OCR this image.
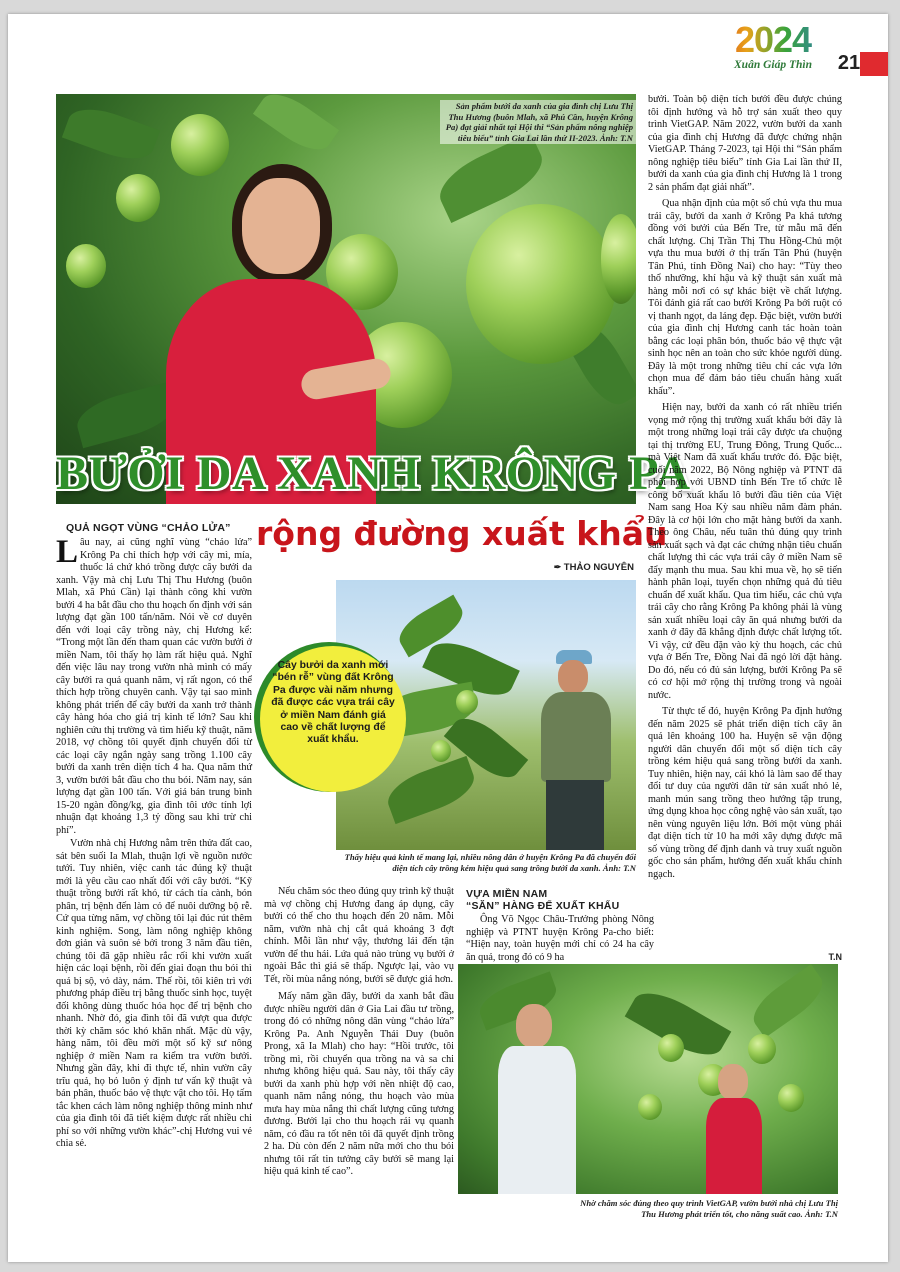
2024
Xuân Giáp Thìn	21
Sản phẩm bưởi da xanh của gia đình chị Lưu Thị Thu Hương (buôn Mlah, xã Phú Cần, huyện Krông Pa) đạt giải nhất tại Hội thi “Sản phẩm nông nghiệp tiêu biểu” tỉnh Gia Lai lần thứ II-2023. Ảnh: T.N
BƯỞI DA XANH KRÔNG PA
rộng đường xuất khẩu
✒ THẢO NGUYÊN
QUẢ NGỌT VÙNG “CHẢO LỬA”

Lâu nay, ai cũng nghĩ vùng “chảo lửa” Krông Pa chỉ thích hợp với cây mì, mía, thuốc lá chứ khó trồng được cây bưởi da xanh. Vậy mà chị Lưu Thị Thu Hương (buôn Mlah, xã Phú Cần) lại thành công khi vườn bưởi 4 ha bắt đầu cho thu hoạch ổn định với sản lượng đạt gần 100 tấn/năm. Nói về cơ duyên đến với loại cây trồng này, chị Hương kể: “Trong một lần đến tham quan các vườn bưởi ở miền Nam, tôi thấy họ làm rất hiệu quả. Nghĩ đến việc lâu nay trong vườn nhà mình có mấy cây bưởi ra quả quanh năm, vị rất ngon, có thể thích hợp trồng chuyên canh. Vậy tại sao mình không phát triển để cây bưởi da xanh trở thành cây hàng hóa cho giá trị kinh tế lớn? Sau khi nghiên cứu thị trường và tìm hiểu kỹ thuật, năm 2018, vợ chồng tôi quyết định chuyển đổi từ các loại cây ngắn ngày sang trồng 1.100 cây bưởi da xanh trên diện tích 4 ha. Qua năm thứ 3, vườn bưởi bắt đầu cho thu bói. Năm nay, sản lượng đạt gần 100 tấn. Với giá bán trung bình 15-20 ngàn đồng/kg, gia đình tôi ước tính lợi nhuận đạt khoảng 1,3 tỷ đồng sau khi trừ chi phí”.

Vườn nhà chị Hương nằm trên thửa đất cao, sát bên suối Ia Mlah, thuận lợi về nguồn nước tưới. Tuy nhiên, việc canh tác đúng kỹ thuật mới là yêu cầu cao nhất đối với cây bưởi. “Kỹ thuật trồng bưởi rất khó, từ cách tỉa cành, bón phân, trị bệnh đến làm cỏ để nuôi dưỡng bộ rễ. Cứ qua từng năm, vợ chồng tôi lại đúc rút thêm kinh nghiệm. Song, làm nông nghiệp không đơn giản và suôn sẻ bởi trong 3 năm đầu tiên, chúng tôi đã gặp nhiều rắc rối khi vườn xuất hiện các loại bệnh, rồi đến giai đoạn thu bói thì quả bị sộ, vỏ dày, nám. Thế rồi, tôi kiên trì với phương pháp điều trị bằng thuốc sinh học, tuyệt đối không dùng thuốc hóa học để trị bệnh cho nhanh. Nhờ đó, gia đình tôi đã vượt qua được thời kỳ chăm sóc khó khăn nhất. Mặc dù vậy, hàng năm, tôi đều mời một số kỹ sư nông nghiệp ở miền Nam ra kiểm tra vườn bưởi. Nhưng gần đây, khi đi thực tế, nhìn vườn cây trĩu quả, họ bỏ luôn ý định tư vấn kỹ thuật và bán phân, thuốc bảo vệ thực vật cho tôi. Họ tấm tắc khen cách làm nông nghiệp thông minh như của gia đình tôi đã tiết kiệm được rất nhiều chi phí so với những vườn khác”-chị Hương vui vẻ chia sẻ.

Thấy hiệu quả kinh tế mang lại, nhiều nông dân ở huyện Krông Pa đã chuyển đổi diện tích cây trồng kém hiệu quả sang trồng bưởi da xanh. Ảnh: T.N
Cây bưởi da xanh mới “bén rễ” vùng đất Krông Pa được vài năm nhưng đã được các vựa trái cây ở miền Nam đánh giá cao về chất lượng để xuất khẩu.

Nếu chăm sóc theo đúng quy trình kỹ thuật mà vợ chồng chị Hương đang áp dụng, cây bưởi có thể cho thu hoạch đến 20 năm. Mỗi năm, vườn nhà chị cắt quả khoảng 3 đợt chính. Mỗi lần như vậy, thương lái đến tận vườn để thu hái. Lứa quả nào trùng vụ bưởi ở ngoài Bắc thì giá sẽ thấp. Ngược lại, vào vụ Tết, rồi mùa nắng nóng, bưởi sẽ được giá hơn.

Mấy năm gần đây, bưởi da xanh bắt đầu được nhiều người dân ở Gia Lai đầu tư trồng, trong đó có những nông dân vùng “chảo lửa” Krông Pa. Anh Nguyễn Thái Duy (buôn Prong, xã Ia Mlah) cho hay: “Hồi trước, tôi trồng mì, rồi chuyển qua trồng na và sa chi nhưng không hiệu quả. Sau này, tôi thấy cây bưởi da xanh phù hợp với nền nhiệt độ cao, quanh năm nắng nóng, thu hoạch vào mùa mưa hay mùa nắng thì chất lượng cũng tương đương. Bưởi lại cho thu hoạch rải vụ quanh năm, có đầu ra tốt nên tôi đã quyết định trồng 2 ha. Dù còn đến 2 năm nữa mới cho thu bói nhưng tôi rất tin tưởng cây bưởi sẽ mang lại hiệu quả kinh tế cao”.

VỰA MIỀN NAM
“SĂN” HÀNG ĐỂ XUẤT KHẨU

Ông Võ Ngọc Châu-Trưởng phòng Nông nghiệp và PTNT huyện Krông Pa-cho biết: “Hiện nay, toàn huyện mới chỉ có 24 ha cây ăn quả, trong đó có 9 ha

bưởi. Toàn bộ diện tích bưởi đều được chúng tôi định hướng và hỗ trợ sản xuất theo quy trình VietGAP. Năm 2022, vườn bưởi da xanh của gia đình chị Hương đã được chứng nhận VietGAP. Tháng 7-2023, tại Hội thi “Sản phẩm nông nghiệp tiêu biểu” tỉnh Gia Lai lần thứ II, bưởi da xanh của gia đình chị Hương là 1 trong 2 sản phẩm đạt giải nhất”.

Qua nhận định của một số chủ vựa thu mua trái cây, bưởi da xanh ở Krông Pa khá tương đồng với bưởi của Bến Tre, từ mẫu mã đến chất lượng. Chị Trần Thị Thu Hồng-Chủ một vựa thu mua bưởi ở thị trấn Tân Phú (huyện Tân Phú, tỉnh Đồng Nai) cho hay: “Tùy theo thổ nhưỡng, khí hậu và kỹ thuật sản xuất mà hàng mỗi nơi có sự khác biệt về chất lượng. Tôi đánh giá rất cao bưởi Krông Pa bởi ruột có vị thanh ngọt, da láng đẹp. Đặc biệt, vườn bưởi của gia đình chị Hương canh tác hoàn toàn bằng các loại phân bón, thuốc bảo vệ thực vật sinh học nên an toàn cho sức khỏe người dùng. Đây là một trong những tiêu chí các vựa lớn chọn mua để đảm bảo tiêu chuẩn hàng xuất khẩu”.

Hiện nay, bưởi da xanh có rất nhiều triển vọng mở rộng thị trường xuất khẩu bởi đây là một trong những loại trái cây được ưa chuộng tại thị trường EU, Trung Đông, Trung Quốc... mà Việt Nam đã xuất khẩu trước đó. Đặc biệt, cuối năm 2022, Bộ Nông nghiệp và PTNT đã phối hợp với UBND tỉnh Bến Tre tổ chức lễ công bố xuất khẩu lô bưởi đầu tiên của Việt Nam sang Hoa Kỳ sau nhiều năm đàm phán. Đây là cơ hội lớn cho mặt hàng bưởi da xanh. Theo ông Châu, nếu tuân thủ đúng quy trình sản xuất sạch và đạt các chứng nhận tiêu chuẩn chất lượng thì các vựa trái cây ở miền Nam sẽ đẩy mạnh thu mua. Sau khi mua về, họ sẽ tiến hành phân loại, tuyển chọn những quả đủ tiêu chuẩn để xuất khẩu. Qua tìm hiểu, các chủ vựa trái cây cho rằng Krông Pa không phải là vùng sản xuất nhiều loại cây ăn quả nhưng bưởi da xanh ở đây đã khẳng định được chất lượng tốt. Vì vậy, cứ đều đặn vào kỳ thu hoạch, các chủ vựa ở Bến Tre, Đồng Nai đã ngỏ lời đặt hàng. Do đó, nếu có đủ sản lượng, bưởi Krông Pa sẽ có cơ hội mở rộng thị trường trong và ngoài nước.

Từ thực tế đó, huyện Krông Pa định hướng đến năm 2025 sẽ phát triển diện tích cây ăn quả lên khoảng 100 ha. Huyện sẽ vận động người dân chuyển đổi một số diện tích cây trồng kém hiệu quả sang trồng bưởi da xanh. Tuy nhiên, hiện nay, cái khó là làm sao để thay đổi tư duy của người dân từ sản xuất nhỏ lẻ, manh mún sang trồng theo hướng tập trung, ứng dụng khoa học công nghệ vào sản xuất, tạo nên vùng nguyên liệu lớn. Bởi một vùng phải đạt diện tích từ 10 ha mới xây dựng được mã số vùng trồng để định danh và truy xuất nguồn gốc cho sản phẩm, hướng đến xuất khẩu chính ngạch.

T.N
Nhờ chăm sóc đúng theo quy trình VietGAP, vườn bưởi nhà chị Lưu Thị Thu Hương phát triển tốt, cho năng suất cao. Ảnh: T.N
